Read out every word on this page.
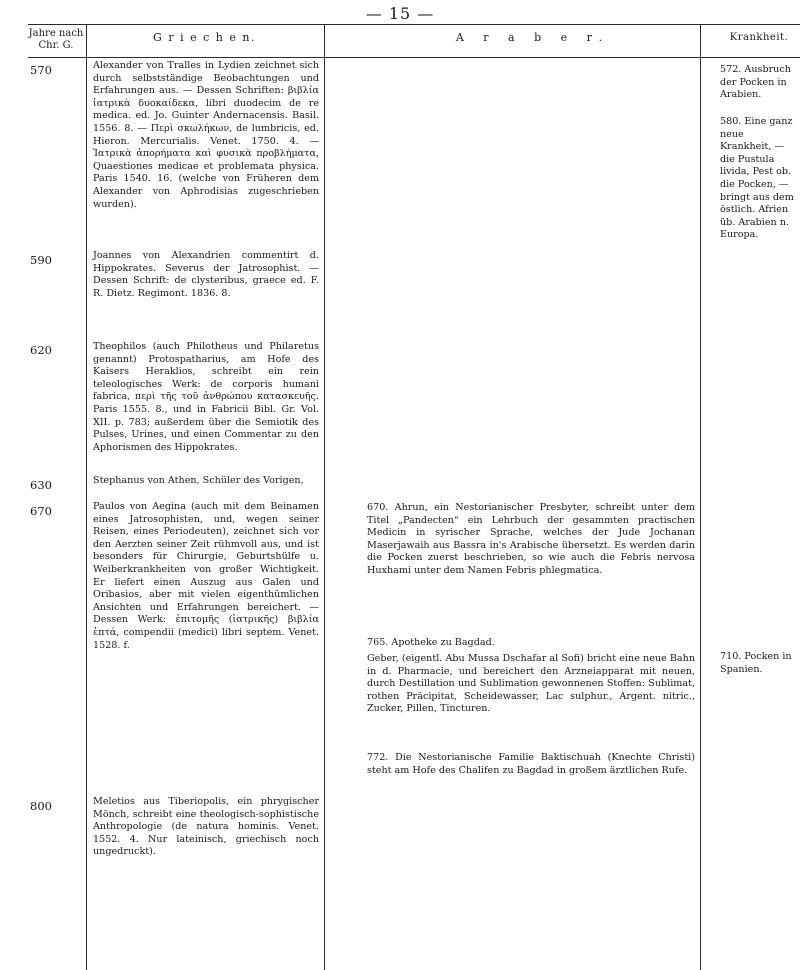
— 15 —
Jahre nach Chr. G.
G r i e c h e n.	A r a b e r.	Krankheit.
570
590
620
630
670
800
Alexander von Tralles in Lydien zeichnet sich durch selbstständige Beobachtungen und Erfahrungen aus. — Dessen Schriften: βιβλία ἰατρικὰ δυοκαίδεκα, libri duodecim de re medica. ed. Jo. Guinter Andernacensis. Basil. 1556. 8. — Περὶ σκωλήκων, de lumbricis, ed. Hieron. Mercurialis. Venet. 1750. 4. — Ἰατρικὰ ἀπορήματα καὶ φυσικὰ προβλήματα, Quaestiones medicae et problemata physica. Paris 1540. 16. (welche von Früheren dem Alexander von Aphrodisias zugeschrieben wurden).
Joannes von Alexandrien commentirt d. Hippokrates. Severus der Jatrosophist. — Dessen Schrift: de clysteribus, graece ed. F. R. Dietz. Regimont. 1836. 8.
Theophilos (auch Philotheus und Philaretus genannt) Protospatharius, am Hofe des Kaisers Heraklios, schreibt ein rein teleologisches Werk: de corporis humani fabrica, περὶ τῆς τοῦ ἀνθρώπου κατασκευῆς. Paris 1555. 8., und in Fabricii Bibl. Gr. Vol. XII. p. 783; außerdem über die Semiotik des Pulses, Urines, und einen Commentar zu den Aphorismen des Hippokrates.
Stephanus von Athen, Schüler des Vorigen,
Paulos von Aegina (auch mit dem Beinamen eines Jatrosophisten, und, wegen seiner Reisen, eines Periodeuten), zeichnet sich vor den Aerzten seiner Zeit rühmvoll aus, und ist besonders für Chirurgie, Geburtshülfe u. Weiberkrankheiten von großer Wichtigkeit. Er liefert einen Auszug aus Galen und Oribasios, aber mit vielen eigenthümlichen Ansichten und Erfahrungen bereichert. — Dessen Werk: ἐπιτομῆς (ἰατρικῆς) βιβλία ἑπτά, compendii (medici) libri septem. Venet. 1528. f.
Meletios aus Tiberiopolis, ein phrygischer Mönch, schreibt eine theologisch-sophistische Anthropologie (de natura hominis. Venet. 1552. 4. Nur lateinisch, griechisch noch ungedruckt).
670. Ahrun, ein Nestorianischer Presbyter, schreibt unter dem Titel „Pandecten“ ein Lehrbuch der gesammten practischen Medicin in syrischer Sprache, welches der Jude Jochanan Maserjawaih aus Bassra in's Arabische übersetzt. Es werden darin die Pocken zuerst beschrieben, so wie auch die Febris nervosa Huxhami unter dem Namen Febris phlegmatica.
765. Apotheke zu Bagdad.
Geber, (eigentl. Abu Mussa Dschafar al Sofi) bricht eine neue Bahn in d. Pharmacie, und bereichert den Arzneiapparat mit neuen, durch Destillation und Sublimation gewonnenen Stoffen: Sublimat, rothen Präcipitat, Scheidewasser, Lac sulphur., Argent. nitric., Zucker, Pillen, Tincturen.
772. Die Nestorianische Familie Baktischuah (Knechte Christi) steht am Hofe des Chalifen zu Bagdad in großem ärztlichen Rufe.
572. Ausbruch der Pocken in Arabien.
580. Eine ganz neue Krankheit, — die Pustula livida, Pest ob. die Pocken, — bringt aus dem östlich. Afrien üb. Arabien n. Europa.
710. Pocken in Spanien.
